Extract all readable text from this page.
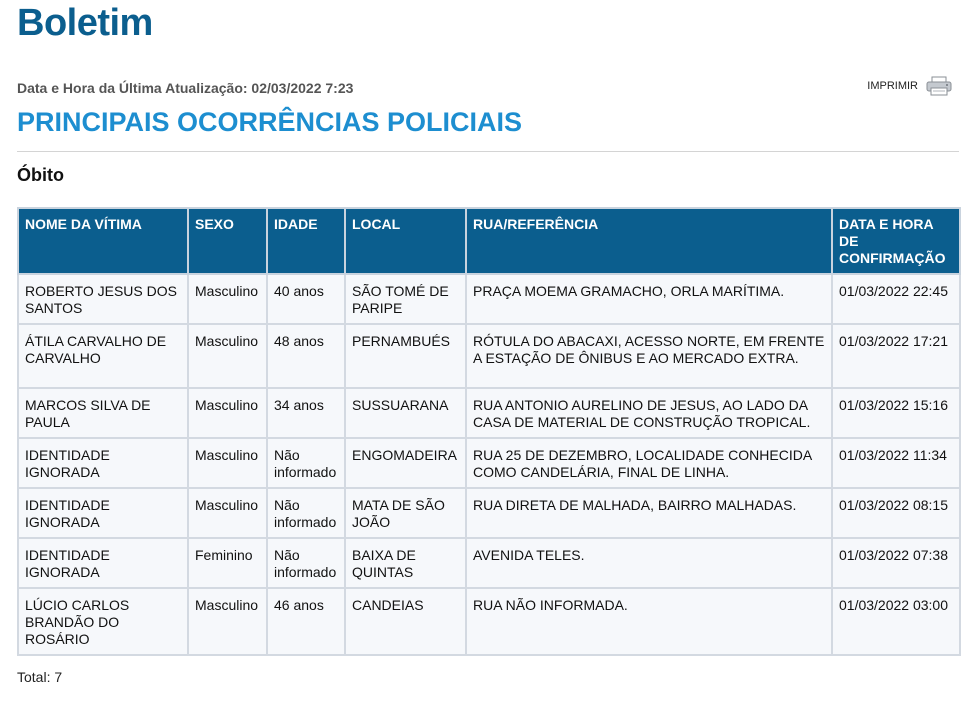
Boletim
Data e Hora da Última Atualização: 02/03/2022 7:23	IMPRIMIR
PRINCIPAIS OCORRÊNCIAS POLICIAIS
Óbito
NOME DA VÍTIMA	SEXO	IDADE	LOCAL	RUA/REFERÊNCIA	DATA E HORA DE CONFIRMAÇÃO
ROBERTO JESUS DOS SANTOS	Masculino	40 anos	SÃO TOMÉ DE PARIPE	PRAÇA MOEMA GRAMACHO, ORLA MARÍTIMA.	01/03/2022 22:45
ÁTILA CARVALHO DE CARVALHO	Masculino	48 anos	PERNAMBUÉS	RÓTULA DO ABACAXI, ACESSO NORTE, EM FRENTE A ESTAÇÃO DE ÔNIBUS E AO MERCADO EXTRA.	01/03/2022 17:21
MARCOS SILVA DE PAULA	Masculino	34 anos	SUSSUARANA	RUA ANTONIO AURELINO DE JESUS, AO LADO DA CASA DE MATERIAL DE CONSTRUÇÃO TROPICAL.	01/03/2022 15:16
IDENTIDADE IGNORADA	Masculino	Não informado	ENGOMADEIRA	RUA 25 DE DEZEMBRO, LOCALIDADE CONHECIDA COMO CANDELÁRIA, FINAL DE LINHA.	01/03/2022 11:34
IDENTIDADE IGNORADA	Masculino	Não informado	MATA DE SÃO JOÃO	RUA DIRETA DE MALHADA, BAIRRO MALHADAS.	01/03/2022 08:15
IDENTIDADE IGNORADA	Feminino	Não informado	BAIXA DE QUINTAS	AVENIDA TELES.	01/03/2022 07:38
LÚCIO CARLOS BRANDÃO DO ROSÁRIO	Masculino	46 anos	CANDEIAS	RUA NÃO INFORMADA.	01/03/2022 03:00
Total: 7
